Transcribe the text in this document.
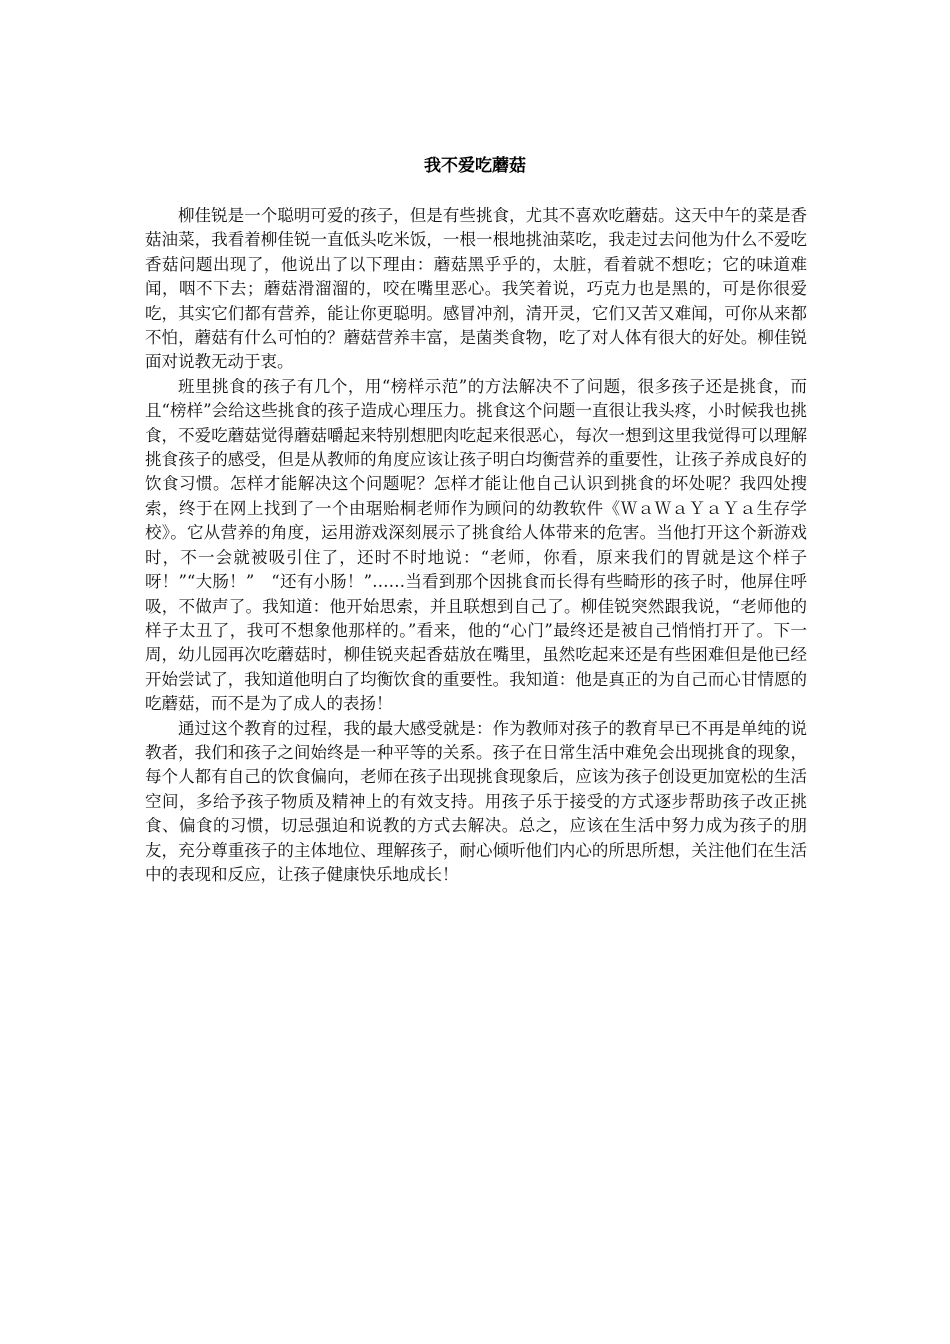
我不爱吃蘑菇

柳佳锐是一个聪明可爱的孩子，但是有些挑食，尤其不喜欢吃蘑菇。这天中午的菜是香菇油菜，我看着柳佳锐一直低头吃米饭，一根一根地挑油菜吃，我走过去问他为什么不爱吃香菇问题出现了，他说出了以下理由：蘑菇黑乎乎的，太脏，看着就不想吃；它的味道难闻，咽不下去；蘑菇滑溜溜的，咬在嘴里恶心。我笑着说，巧克力也是黑的，可是你很爱吃，其实它们都有营养，能让你更聪明。感冒冲剂，清开灵，它们又苦又难闻，可你从来都不怕，蘑菇有什么可怕的？蘑菇营养丰富，是菌类食物，吃了对人体有很大的好处。柳佳锐面对说教无动于衷。

班里挑食的孩子有几个，用“榜样示范”的方法解决不了问题，很多孩子还是挑食，而且“榜样”会给这些挑食的孩子造成心理压力。挑食这个问题一直很让我头疼，小时候我也挑食，不爱吃蘑菇觉得蘑菇嚼起来特别想肥肉吃起来很恶心，每次一想到这里我觉得可以理解挑食孩子的感受，但是从教师的角度应该让孩子明白均衡营养的重要性，让孩子养成良好的饮食习惯。怎样才能解决这个问题呢？怎样才能让他自己认识到挑食的坏处呢？我四处搜索，终于在网上找到了一个由琚贻桐老师作为顾问的幼教软件《ＷａＷａＹａＹａ生存学校》。它从营养的角度，运用游戏深刻展示了挑食给人体带来的危害。当他打开这个新游戏时，不一会就被吸引住了，还时不时地说：“老师，你看，原来我们的胃就是这个样子呀！”“大肠！”　“还有小肠！”……当看到那个因挑食而长得有些畸形的孩子时，他屏住呼吸，不做声了。我知道：他开始思索，并且联想到自己了。柳佳锐突然跟我说，“老师他的样子太丑了，我可不想象他那样的。”看来，他的“心门”最终还是被自己悄悄打开了。下一周，幼儿园再次吃蘑菇时，柳佳锐夹起香菇放在嘴里，虽然吃起来还是有些困难但是他已经开始尝试了，我知道他明白了均衡饮食的重要性。我知道：他是真正的为自己而心甘情愿的吃蘑菇，而不是为了成人的表扬！

通过这个教育的过程，我的最大感受就是：作为教师对孩子的教育早已不再是单纯的说教者，我们和孩子之间始终是一种平等的关系。孩子在日常生活中难免会出现挑食的现象，每个人都有自己的饮食偏向，老师在孩子出现挑食现象后，应该为孩子创设更加宽松的生活空间，多给予孩子物质及精神上的有效支持。用孩子乐于接受的方式逐步帮助孩子改正挑食、偏食的习惯，切忌强迫和说教的方式去解决。总之，应该在生活中努力成为孩子的朋友，充分尊重孩子的主体地位、理解孩子，耐心倾听他们内心的所思所想，关注他们在生活中的表现和反应，让孩子健康快乐地成长！
